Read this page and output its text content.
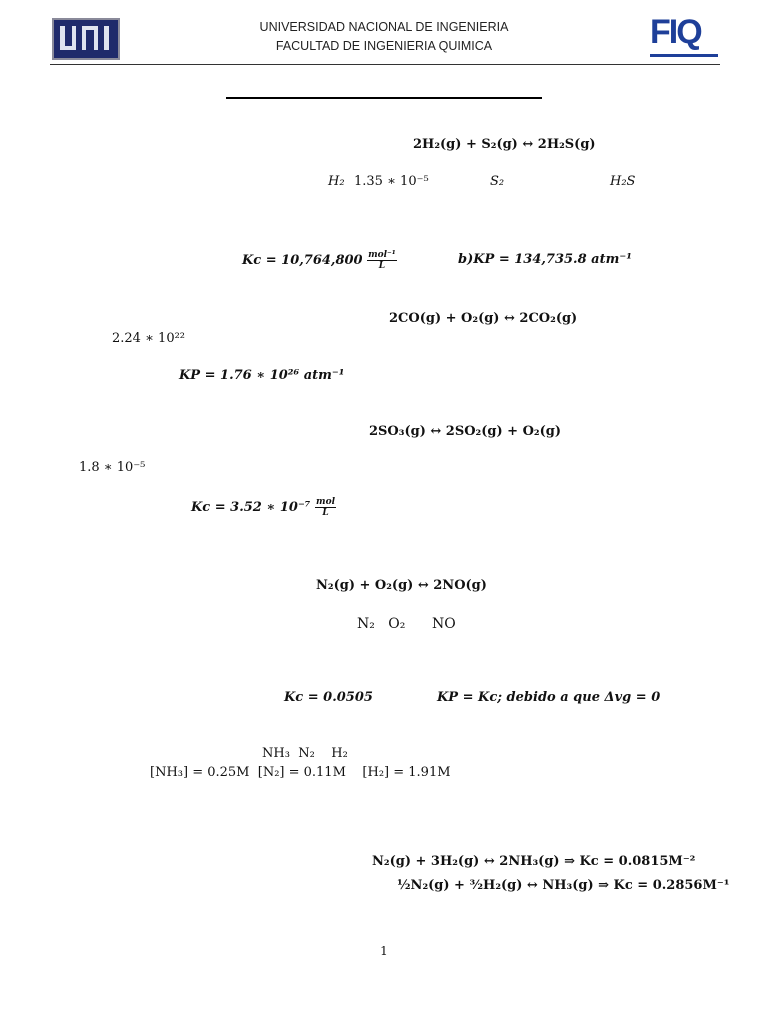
UNIVERSIDAD NACIONAL DE INGENIERIA
FACULTAD DE INGENIERIA QUIMICA	FIQ
2H₂(g) + S₂(g) ↔ 2H₂S(g)
H₂ 1.35 ∗ 10⁻⁵	S₂	H₂S
$Kc = 10,764,800 \frac{\text{mol⁻¹}}{L}$	b)KP = 134,735.8 atm⁻¹
2CO(g) + O₂(g) ↔ 2CO₂(g)
2.24 ∗ 10²²
KP = 1.76 ∗ 10²⁶ atm⁻¹
2SO₃(g) ↔ 2SO₂(g) + O₂(g)
1.8 ∗ 10⁻⁵
Kc = 3.52 ∗ $10^{-7} \frac{\text{mol}}{L}$
N₂(g) + O₂(g) ↔ 2NO(g)
N₂   O₂      NO
Kc = 0.0505	KP = Kc; debido a que Δvg = 0
NH₃  N₂    H₂
[NH₃] = 0.25M  [N₂] = 0.11M    [H₂] = 1.91M
N₂(g) + 3H₂(g) ↔ 2NH₃(g) ⇒ Kc = 0.0815M⁻²
½N₂(g) + ³⁄₂H₂(g) ↔ NH₃(g) ⇒ Kc = 0.2856M⁻¹
1
